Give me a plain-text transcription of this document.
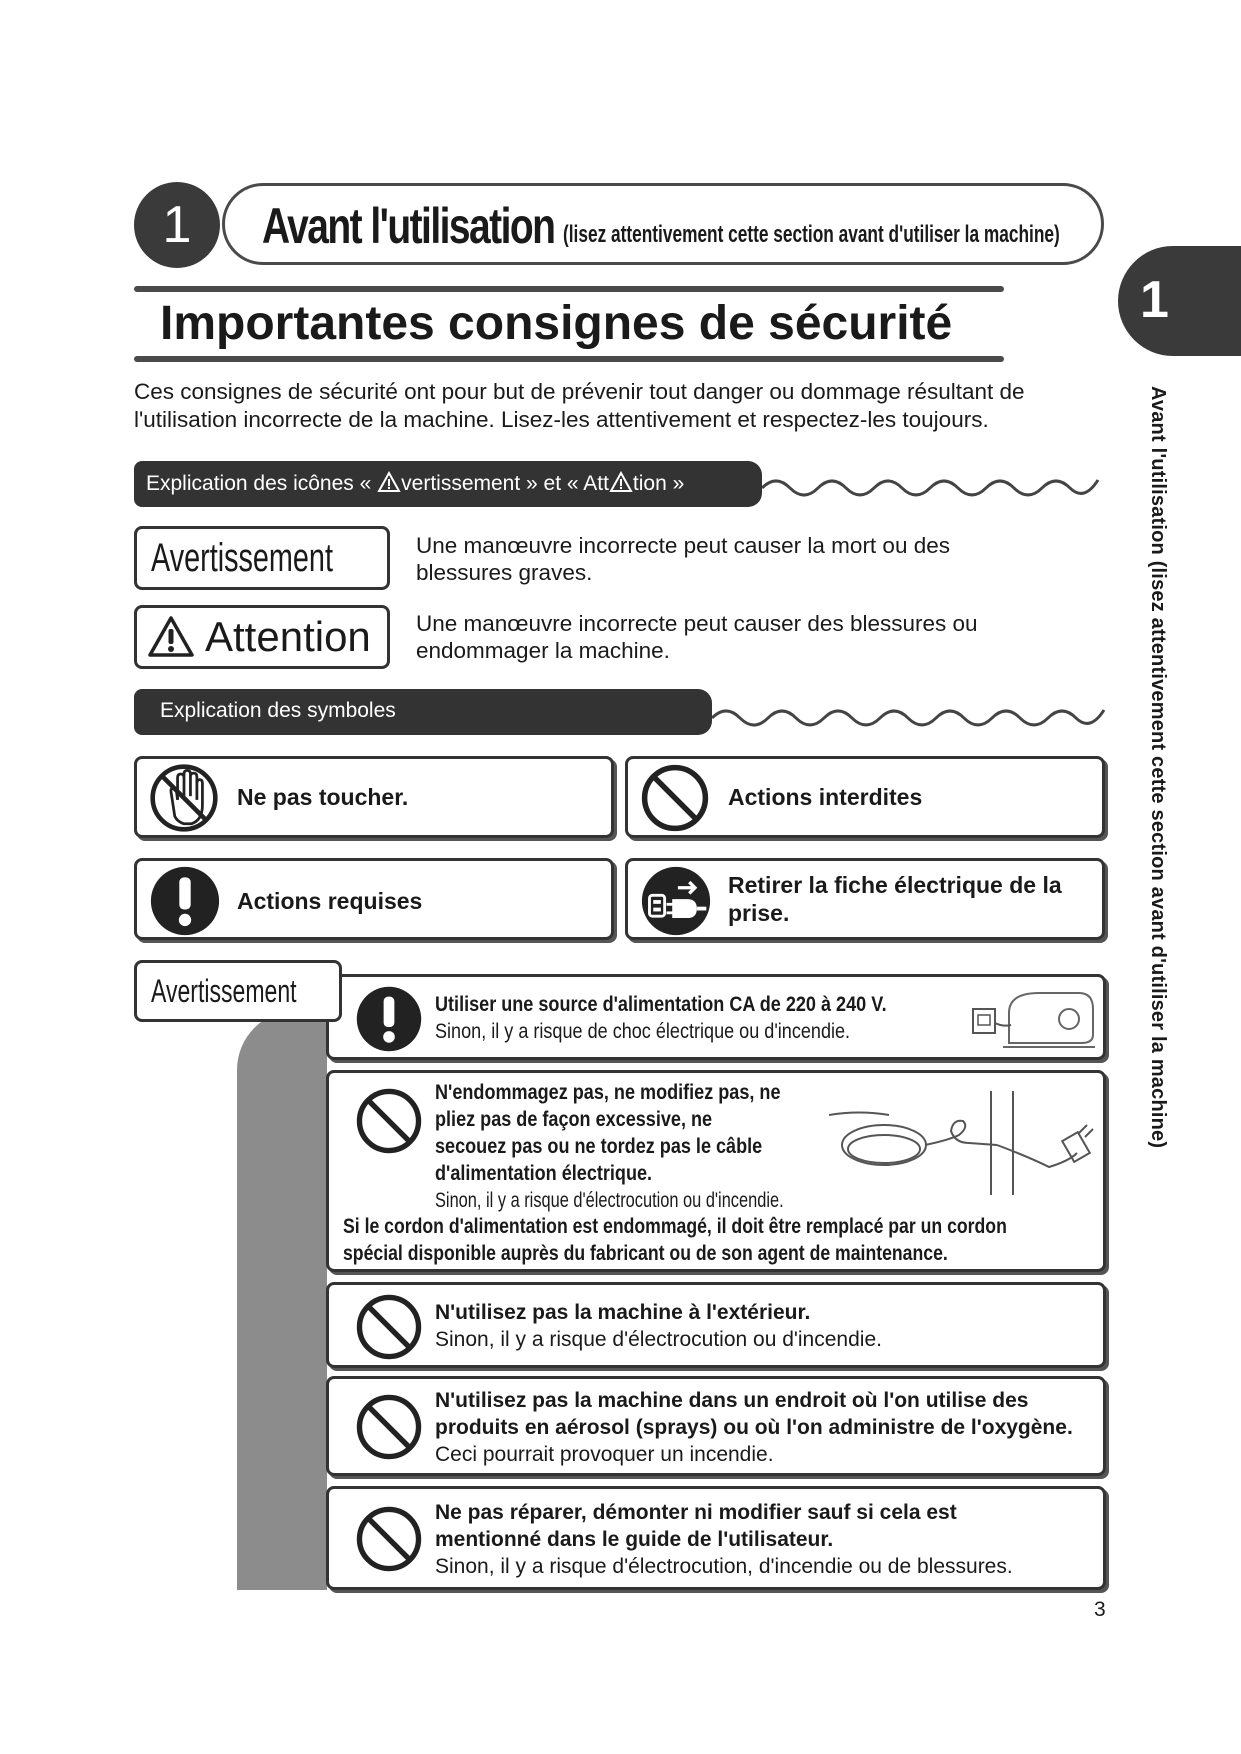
1	Avant l'utilisation (lisez attentivement cette section avant d'utiliser la machine)
1
Avant l'utilisation (lisez attentivement cette section avant d'utiliser la machine)
Importantes consignes de sécurité
Ces consignes de sécurité ont pour but de prévenir tout danger ou dommage résultant de
l'utilisation incorrecte de la machine. Lisez-les attentivement et respectez-les toujours.
Explication des icônes « vertissement » et « Att tion »
Avertissement	Une manœuvre incorrecte peut causer la mort ou des
blessures graves.
Attention Une manœuvre incorrecte peut causer des blessures ou
endommager la machine.
Explication des symboles
Ne pas toucher.	Actions interdites
Actions requises
Retirer la fiche électrique de la
prise.
Avertissement	Utiliser une source d'alimentation CA de 220 à 240 V.
Sinon, il y a risque de choc électrique ou d'incendie.
N'endommagez pas, ne modifiez pas, ne
pliez pas de façon excessive, ne
secouez pas ou ne tordez pas le câble
d'alimentation électrique.
Sinon, il y a risque d'électrocution ou d'incendie.
Si le cordon d'alimentation est endommagé, il doit être remplacé par un cordon
spécial disponible auprès du fabricant ou de son agent de maintenance.
N'utilisez pas la machine à l'extérieur.
Sinon, il y a risque d'électrocution ou d'incendie.
N'utilisez pas la machine dans un endroit où l'on utilise des
produits en aérosol (sprays) ou où l'on administre de l'oxygène.
Ceci pourrait provoquer un incendie.
Ne pas réparer, démonter ni modifier sauf si cela est
mentionné dans le guide de l'utilisateur.
Sinon, il y a risque d'électrocution, d'incendie ou de blessures.
3
